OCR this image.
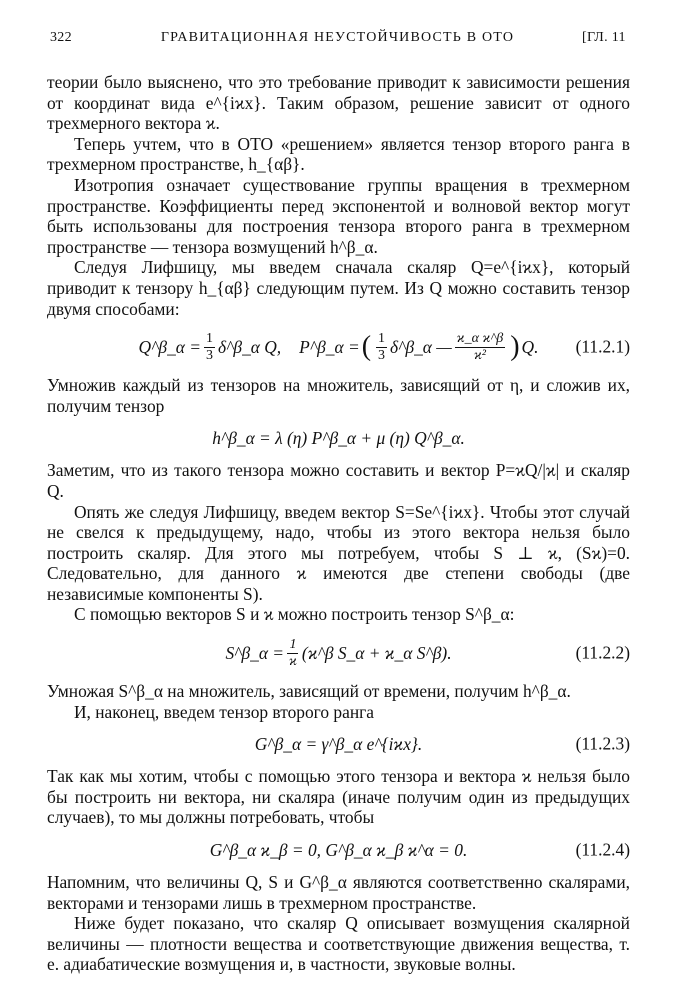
322	ГРАВИТАЦИОННАЯ НЕУСТОЙЧИВОСТЬ В ОТО	[ГЛ. 11

теории было выяснено, что это требование приводит к зависимости решения от координат вида e^{iϰx}. Таким образом, решение зависит от одного трехмерного вектора ϰ.

Теперь учтем, что в ОТО «решением» является тензор второго ранга в трехмерном пространстве, h_{αβ}.

Изотропия означает существование группы вращения в трехмерном пространстве. Коэффициенты перед экспонентой и волновой вектор могут быть использованы для построения тензора второго ранга в трехмерном пространстве — тензора возмущений h^β_α.

Следуя Лифшицу, мы введем сначала скаляр Q=e^{iϰx}, который приводит к тензору h_{αβ} следующим путем. Из Q можно составить тензор двумя способами:

Q^β_α = $\frac{1}{3}$ δ^β_α Q, P^β_α = ( $\frac{1}{3}$ δ^β_α — $\frac{\text{ϰ\_α ϰ\textasciicircum{}β}}{\text{ϰ²}}$ ) Q. (11.2.1)

Умножив каждый из тензоров на множитель, зависящий от η, и сложив их, получим тензор

h^β_α = λ (η) P^β_α + μ (η) Q^β_α.

Заметим, что из такого тензора можно составить и вектор P=ϰQ/|ϰ| и скаляр Q.

Опять же следуя Лифшицу, введем вектор S=Se^{iϰx}. Чтобы этот случай не свелся к предыдущему, надо, чтобы из этого вектора нельзя было построить скаляр. Для этого мы потребуем, чтобы S ⊥ ϰ, (Sϰ)=0. Следовательно, для данного ϰ имеются две степени свободы (две независимые компоненты S).

С помощью векторов S и ϰ можно построить тензор S^β_α:

S^β_α = $\frac{1}{ϰ}$ (ϰ^β S_α + ϰ_α S^β).	(11.2.2)

Умножая S^β_α на множитель, зависящий от времени, получим h^β_α.

И, наконец, введем тензор второго ранга

G^β_α = γ^β_α e^{iϰx}.	(11.2.3)

Так как мы хотим, чтобы с помощью этого тензора и вектора ϰ нельзя было бы построить ни вектора, ни скаляра (иначе получим один из предыдущих случаев), то мы должны потребовать, чтобы

G^β_α ϰ_β = 0, G^β_α ϰ_β ϰ^α = 0.	(11.2.4)

Напомним, что величины Q, S и G^β_α являются соответственно скалярами, векторами и тензорами лишь в трехмерном пространстве.

Ниже будет показано, что скаляр Q описывает возмущения скалярной величины — плотности вещества и соответствующие движения вещества, т. е. адиабатические возмущения и, в частности, звуковые волны.
